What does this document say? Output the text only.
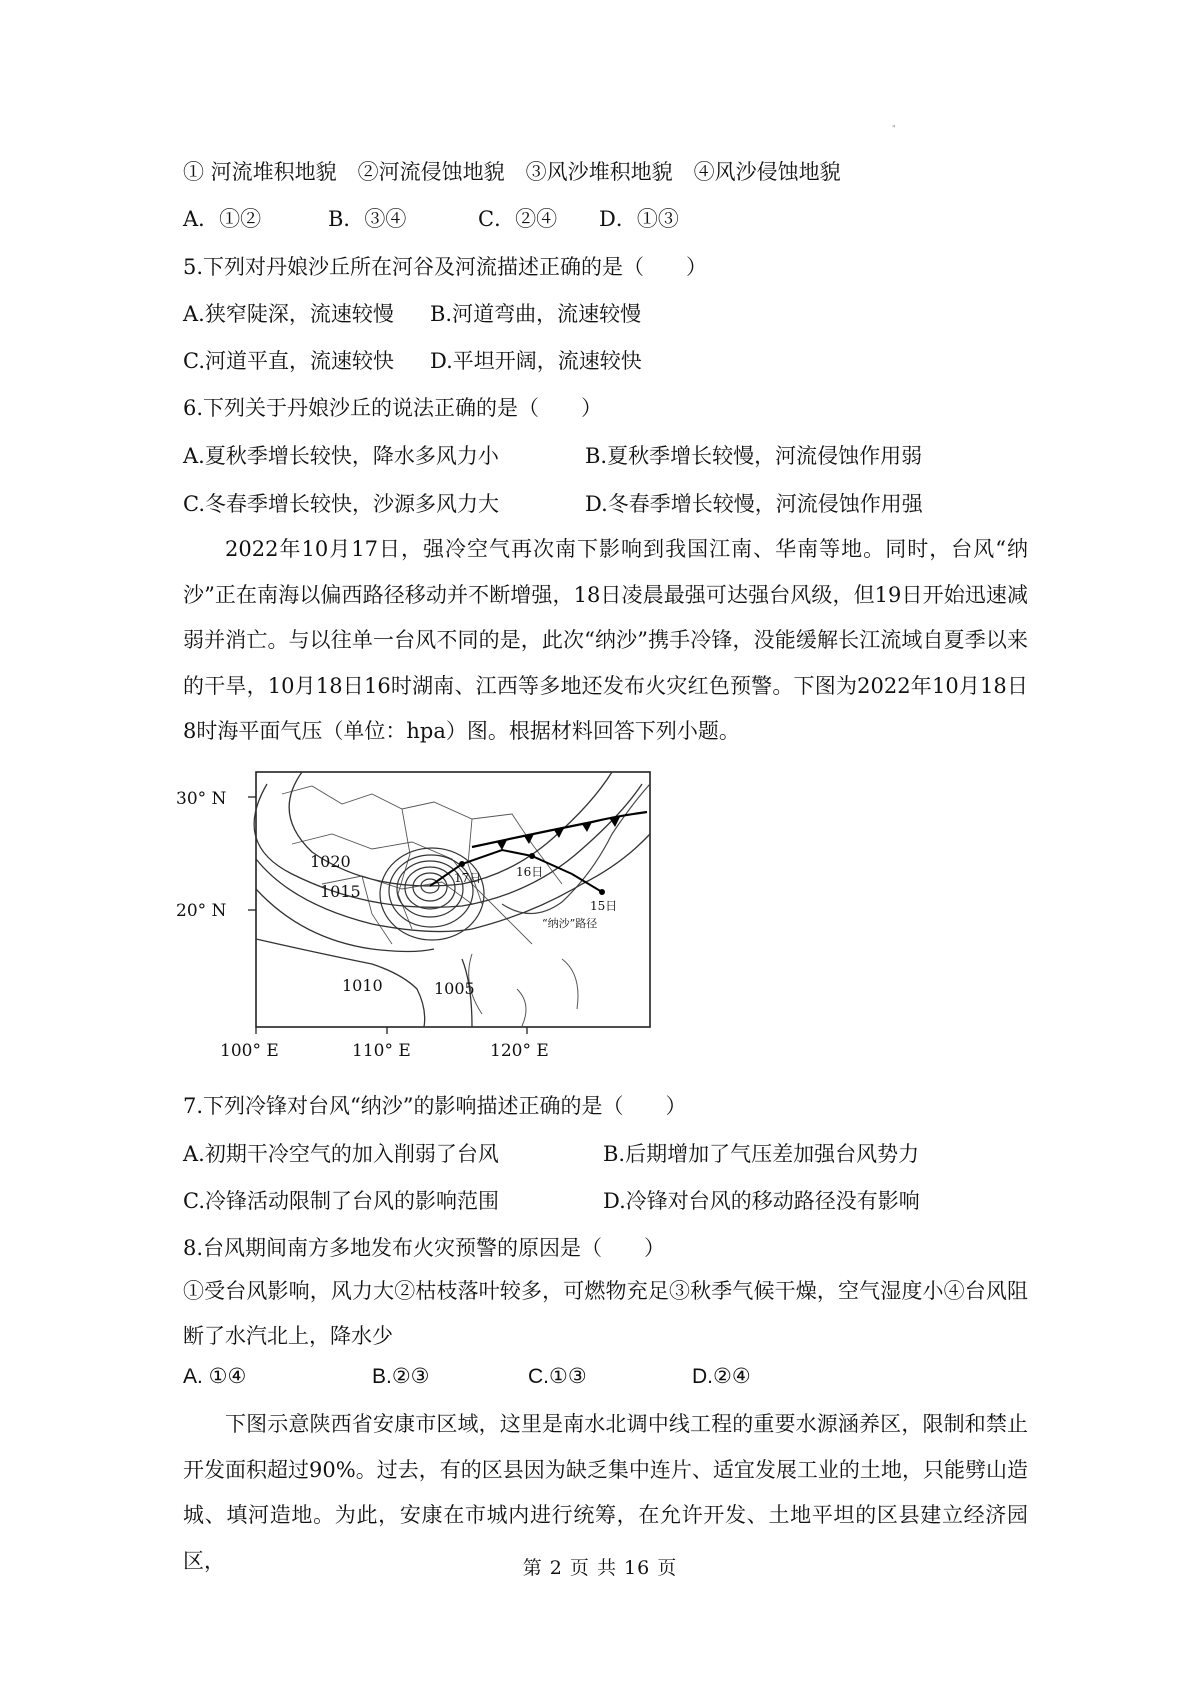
"
① 河流堆积地貌　②河流侵蚀地貌　③风沙堆积地貌　④风沙侵蚀地貌
A．①②	B．③④	C．②④ D．①③
5.下列对丹娘沙丘所在河谷及河流描述正确的是（　　）
A.狭窄陡深，流速较慢 B.河道弯曲，流速较慢
C.河道平直，流速较快 D.平坦开阔，流速较快
6.下列关于丹娘沙丘的说法正确的是（　　）
A.夏秋季增长较快，降水多风力小	B.夏秋季增长较慢，河流侵蚀作用弱
C.冬春季增长较快，沙源多风力大	D.冬春季增长较慢，河流侵蚀作用强
2022年10月17日，强冷空气再次南下影响到我国江南、华南等地。同时，台风“纳沙”正在南海以偏西路径移动并不断增强，18日凌晨最强可达强台风级，但19日开始迅速减弱并消亡。与以往单一台风不同的是，此次“纳沙”携手冷锋，没能缓解长江流域自夏季以来的干旱，10月18日16时湖南、江西等多地还发布火灾红色预警。下图为2022年10月18日8时海平面气压（单位：hpa）图。根据材料回答下列小题。
17日	16日
15日
“纳沙”路径
1020
1015
1010	1005
30° N
20° N
100° E	110° E	120° E
7.下列冷锋对台风“纳沙”的影响描述正确的是（　　）
A.初期干冷空气的加入削弱了台风	B.后期增加了气压差加强台风势力
C.冷锋活动限制了台风的影响范围	D.冷锋对台风的移动路径没有影响
8.台风期间南方多地发布火灾预警的原因是（　　）
①受台风影响，风力大②枯枝落叶较多，可燃物充足③秋季气候干燥，空气湿度小④台风阻断了水汽北上，降水少
A. ①④	B.②③	C.①③	D.②④
下图示意陕西省安康市区域，这里是南水北调中线工程的重要水源涵养区，限制和禁止开发面积超过90%。过去，有的区县因为缺乏集中连片、适宜发展工业的土地，只能劈山造城、填河造地。为此，安康在市城内进行统筹，在允许开发、土地平坦的区县建立经济园区，	第 2 页 共 16 页
